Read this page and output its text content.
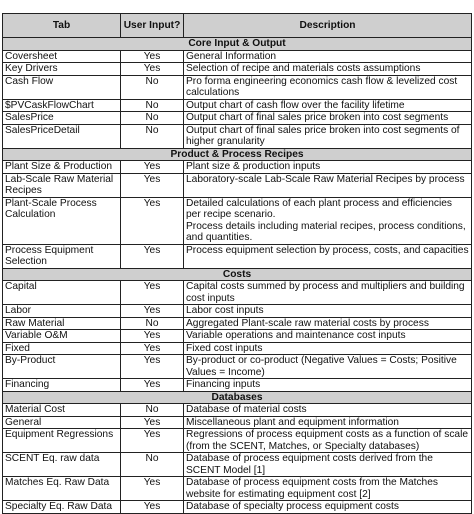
Tab	User Input?	Description
Core Input & Output		
Coversheet	Yes	General Information
Key Drivers	Yes	Selection of recipe and materials costs assumptions
Cash Flow	No	Pro forma engineering economics cash flow & levelized cost calculations
$PVCaskFlowChart	No	Output chart of cash flow over the facility lifetime
SalesPrice	No	Output chart of final sales price broken into cost segments
SalesPriceDetail	No	Output chart of final sales price broken into cost segments of higher granularity
Product & Process Recipes		
Plant Size & Production	Yes	Plant size & production inputs
Lab-Scale Raw Material Recipes	Yes	Laboratory-scale Lab-Scale Raw Material Recipes by process
Plant-Scale Process Calculation	Yes	Detailed calculations of each plant process and efficiencies per recipe scenario.
Process details including material recipes, process conditions, and quantities.
Process Equipment Selection	Yes	Process equipment selection by process, costs, and capacities
Costs		
Capital	Yes	Capital costs summed by process and multipliers and building cost inputs
Labor	Yes	Labor cost inputs
Raw Material	No	Aggregated Plant-scale raw material costs by process
Variable O&M	Yes	Variable operations and maintenance cost inputs
Fixed	Yes	Fixed cost inputs
By-Product	Yes	By-product or co-product (Negative Values = Costs; Positive Values = Income)
Financing	Yes	Financing inputs
Databases		
Material Cost	No	Database of material costs
General	Yes	Miscellaneous plant and equipment information
Equipment Regressions	Yes	Regressions of process equipment costs as a function of scale (from the SCENT, Matches, or Specialty databases)
SCENT Eq. raw data	No	Database of process equipment costs derived from the SCENT Model [1]
Matches Eq. Raw Data	Yes	Database of process equipment costs from the Matches website for estimating equipment cost [2]
Specialty Eq. Raw Data	Yes	Database of specialty process equipment costs
